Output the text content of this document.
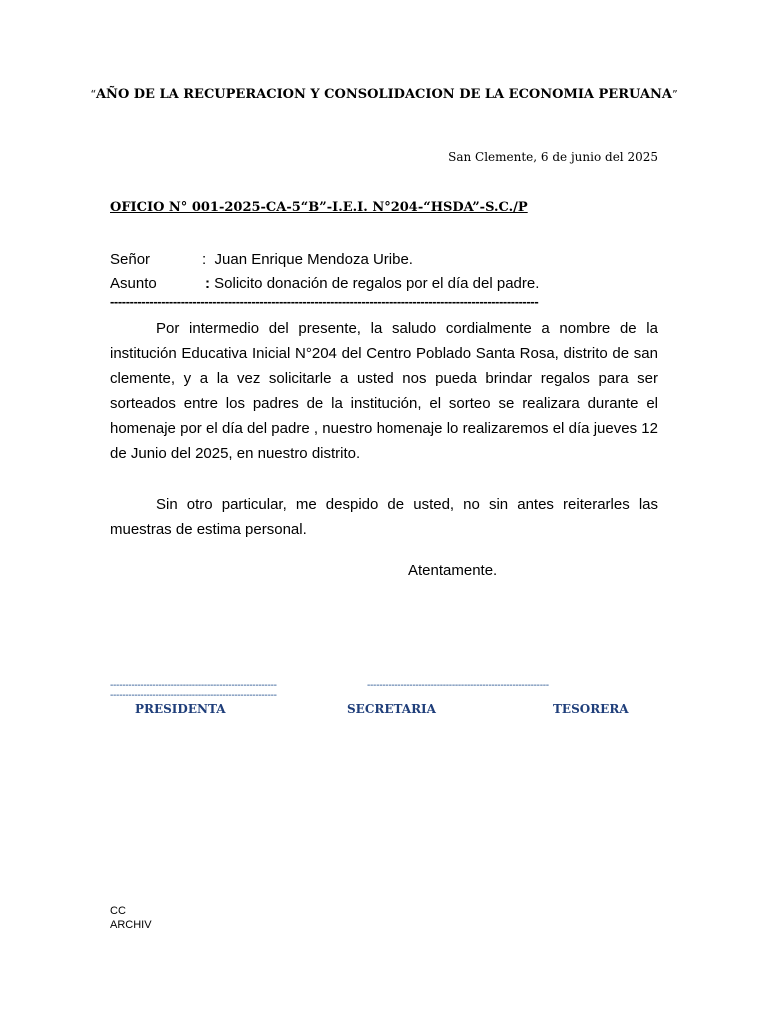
“AÑO DE LA RECUPERACION Y CONSOLIDACION DE LA ECONOMIA PERUANA”
San Clemente, 6 de junio del 2025
OFICIO N° 001-2025-CA-5“B”-I.E.I. N°204-“HSDA”-S.C./P
Señor	: Juan Enrique Mendoza Uribe.
Asunto	: Solicito donación de regalos por el día del padre.
-------------------------------------------------------------------------------------------------------------

Por intermedio del presente, la saludo cordialmente a nombre de la institución Educativa Inicial N°204 del Centro Poblado Santa Rosa, distrito de san clemente, y a la vez solicitarle a usted nos pueda brindar regalos para ser sorteados entre los padres de la institución, el sorteo se realizara durante el homenaje por el día del padre , nuestro homenaje lo realizaremos el día jueves 12 de Junio del 2025, en nuestro distrito.

Sin otro particular, me despido de usted, no sin antes reiterarles las muestras de estima personal.

Atentamente.
-------------------------------------------------------	------------------------------------------------------------
-------------------------------------------------------
PRESIDENTA	SECRETARIA	TESORERA
CC
ARCHIV
